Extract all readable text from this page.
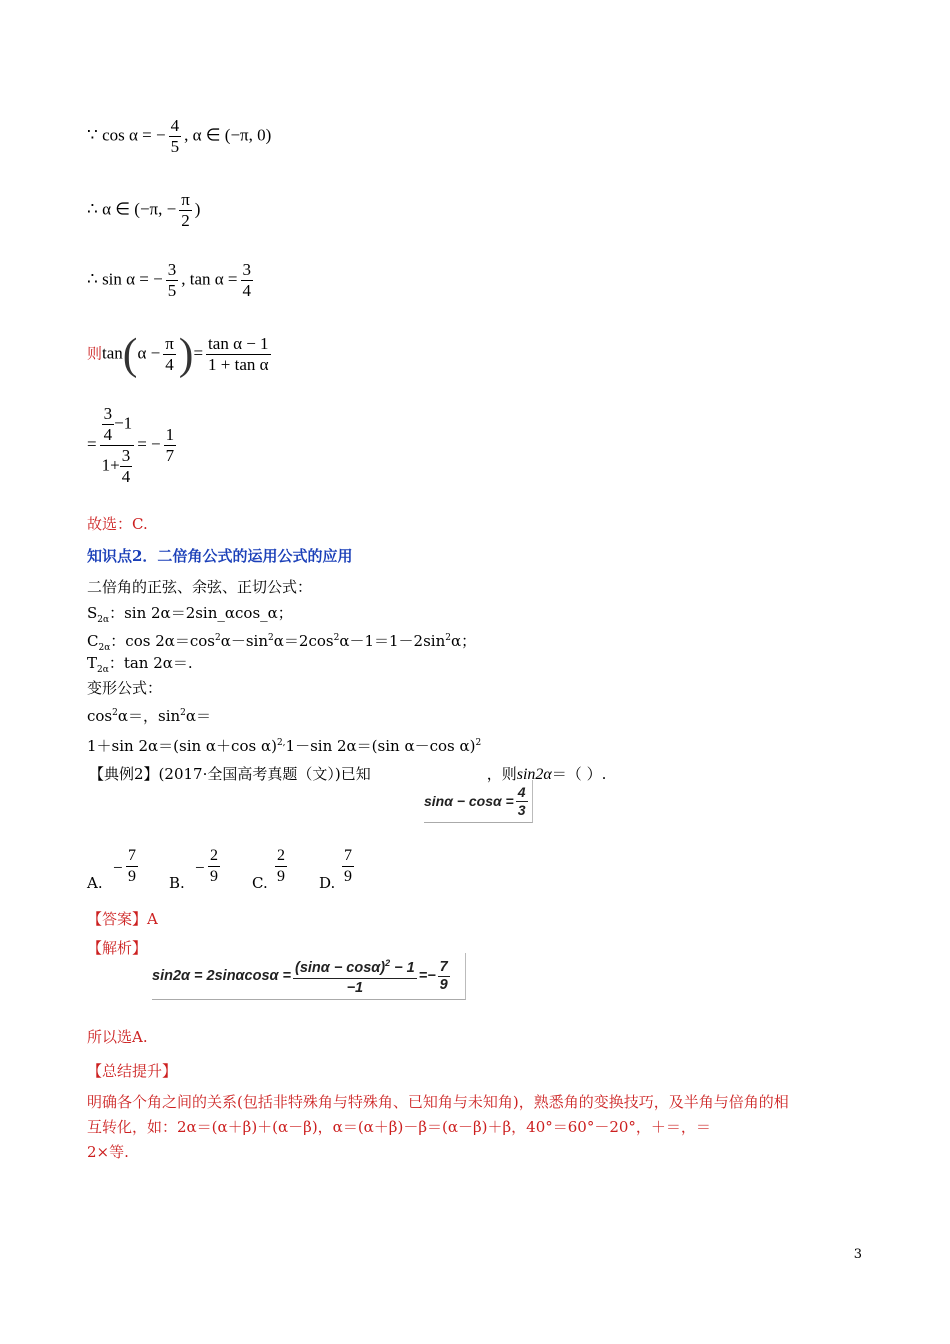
∵ cos α = − $\frac{4}{5}$ , α ∈ (−π, 0)
∴ α ∈ (−π, − $\frac{\pi}{2}$ )
∴ sin α = − $\frac{3}{5}$ , $\tan \alpha = \frac{3}{4}$
则$\tan(\alpha - \frac{\pi}{4}$ )= $\frac{\text{tan α − 1}}{\text{1 + tan α}}$
= $\frac{\frac{3}{4} -1}{1+ \frac{3}{4}}$ = − $\frac{1}{7}$
故选：C.
知识点2．二倍角公式的运用公式的应用
二倍角的正弦、余弦、正切公式：
$S_{2\alpha}$：sin 2α＝2sin_αcos_α；
$C_{2\alpha}$：$\cos 2\alpha=\cos^2\alpha-\sin^2\alpha=2\cos^2\alpha-1=1-2\sin^2\alpha$；
$T_{2\alpha}$：tan 2α＝.
变形公式：
$\cos^2\alpha=$，$\sin^2\alpha=$
1＋sin 2α＝(sin α＋cos α)$^{2,}$1－sin 2α＝(sin α－cos α)$^2$
【典例2】(2017·全国高考真题（文）)已知	，则sin2α＝（ ）.
$\sin\alpha - \cos\alpha = \frac{4}{3}$
A.
− $\frac{7}{9} B$.
− $\frac{2}{9} C$. $\frac{2}{9} D$. $\frac{7}{9}$
【答案】A
【解析】
$\sin 2\alpha = 2\sin\alpha\cos\alpha = \frac{(\sin\alpha - \cos\alpha)^2 - 1}{-1} =- \frac{7}{9}$
所以选A.
【总结提升】
明确各个角之间的关系(包括非特殊角与特殊角、已知角与未知角)，熟悉角的变换技巧，及半角与倍角的相
互转化，如：2α＝(α＋β)＋(α－β)，α＝(α＋β)－β＝(α－β)＋β，40°＝60°－20°，＋＝，＝
2×等.
3
